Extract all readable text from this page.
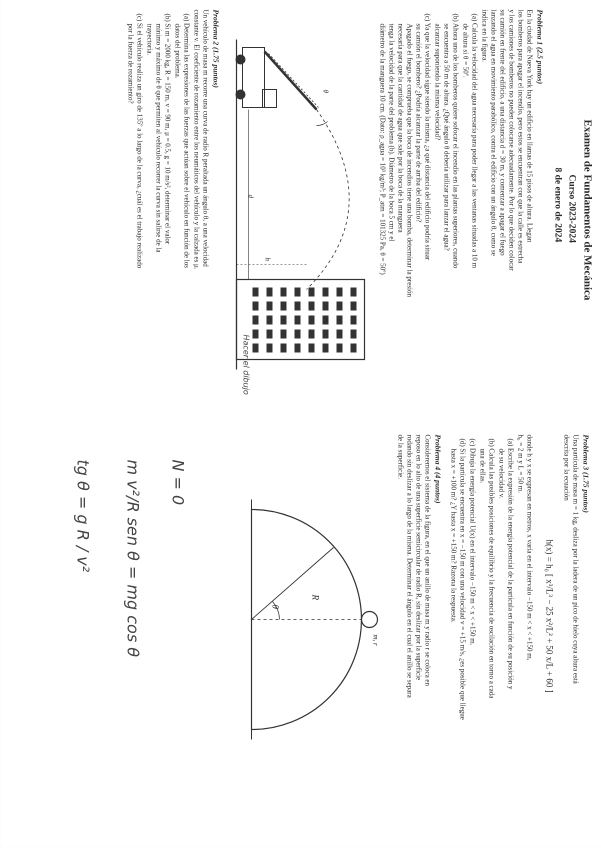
Examen de Fundamentos de Mecánica
Curso 2023-2024
8 de enero de 2024
Problema 1 (2.5 puntos)
En la ciudad de Nueva York hay un edificio en llamas de 15 pisos de altura. Llegan
los bomberos para apagar el incendio, pero estos se encuentran con que la calle es estrecha
y los camiones de bomberos no pueden colocarse adecuadamente. Por lo que deciden colocar
su camión en frente del edificio, a una distancia d = 30 m, y comenzar a apagar el fuego
lanzando el agua en movimiento parabólico, contra el edificio con un ángulo θ, como se
indica en la figura.
(a) Calcula la velocidad del agua necesaria para poder llegar a las ventanas situadas a 10 m
de altura si θ = 50º.
(b) Ahora uno de los bomberos quiere sofocar el incendio en las plantas superiores, cuando
se encuentra a 50 m de altura. ¿Qué ángulo θ debería utilizar para lanzar el agua?
alcanzar suponiendo la misma velocidad?
(c) Ya que la velocidad sigue siendo la misma, ¿a qué distancia del edificio podría situar
su camión el bombero? ¿Podría alcanzar la parte de arriba del edificio?
Apagado el fuego, se comprueba que la boca de incendios tiene una bomba, determinar la presión
necesaria para que la cantidad de agua que sale por la boca de la manguera
tenga la velocidad de la parte del problema (b). Diámetro de la boca 5 cm y el
diámetro de la manguera 10 cm. (Dato: ρ_agua = 10³ kg/m³; P_atm = 101325 Pa, θ = 50º)
θ
d
h
Hacer el dibujo
Problema 2 (1.75 puntos)
Un vehículo de masa m recorre una curva de radio R peraltada un ángulo θ, a una velocidad
constante v. El coeficiente de rozamiento entre los neumáticos del vehículo y la calzada es μ.
(a) Determina las expresiones de las fuerzas que actúan sobre el vehículo en función de los
datos del problema.
(b) Si m = 2000 kg, R = 150 m, v = 90 m, μ = 0.5, g = 10 m/s², determinar el valor
mínimo y máximo de θ que permiten al vehículo recorrer la curva sin salirse de la
trayectoria.
(c) Si el vehículo realiza un giro de 135º a lo largo de la curva, ¿cuál es el trabajo realizado
por la fuerza de rozamiento?
Problema 3 (1.75 puntos)
Una partícula de masa m = 1 kg, desliza por la ladera de un pico de hielo cuya altura está
descrita por la ecuación
h(x) = h₀ [ x³/L³ − 25 x²/L² + 50 x/L + 60 ]
donde h y x se expresan en metros, x varía en el intervalo −150 m < x < +150 m,
h₀ = 2 m y L = 50 m.
(a) Escribe la expresión de la energía potencial de la partícula en función de su posición y
de su velocidad v.
(b) Calcula las posibles posiciones de equilibrio y la frecuencia de oscilación en torno a cada
una de ellas.
(c) Dibuja la energía potencial U(x) en el intervalo −150 m < x < +150 m.
(d) Si la partícula se encuentra en x = −150 m con una velocidad v = +15 m/s, ¿es posible que llegue
hasta x = +100 m? ¿Y hasta x = +150 m? Razona la respuesta.
Problema 4 (4 puntos)
Consideremos el sistema de la figura, en el que un anillo de masa m y radio r se coloca en
reposo en lo alto de una superficie semicircular de radio R, sin deslizar por la superficie
rodando sin deslizar a lo largo de la misma. Determinar el ángulo en el cual el anillo se separa
de la superficie.
R
θ
m, r
N = 0
m v²/R sen θ = mg cos θ
tg θ = g R / v²
